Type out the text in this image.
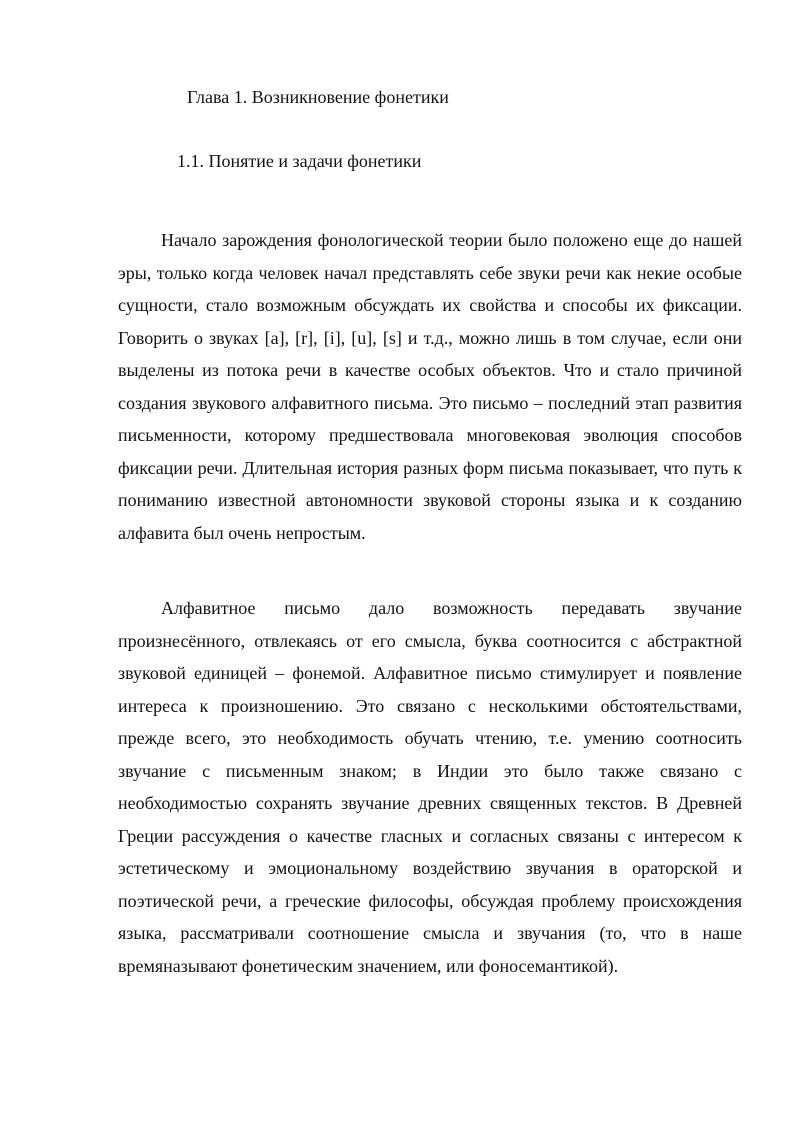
Глава 1. Возникновение фонетики
1.1. Понятие и задачи фонетики

Начало зарождения фонологической теории было положено еще до нашей эры, только когда человек начал представлять себе звуки речи как некие особые сущности, стало возможным обсуждать их свойства и способы их фиксации. Говорить о звуках [a], [r], [i], [u], [s] и т.д., можно лишь в том случае, если они выделены из потока речи в качестве особых объектов. Что и стало причиной создания звукового алфавитного письма. Это письмо – последний этап развития письменности, которому предшествовала многовековая эволюция способов фиксации речи. Длительная история разных форм письма показывает, что путь к пониманию известной автономности звуковой стороны языка и к созданию алфавита был очень непростым.

Алфавитное письмо дало возможность передавать звучание произнесённого, отвлекаясь от его смысла, буква соотносится с абстрактной звуковой единицей – фонемой. Алфавитное письмо стимулирует и появление интереса к произношению. Это связано с несколькими обстоятельствами, прежде всего, это необходимость обучать чтению, т.е. умению соотносить звучание с письменным знаком; в Индии это было также связано с необходимостью сохранять звучание древних священных текстов. В Древней Греции рассуждения о качестве гласных и согласных связаны с интересом к эстетическому и эмоциональному воздействию звучания в ораторской и поэтической речи, а греческие философы, обсуждая проблему происхождения языка, рассматривали соотношение смысла и звучания (то, что в наше времяназывают фонетическим значением, или фоносемантикой).
